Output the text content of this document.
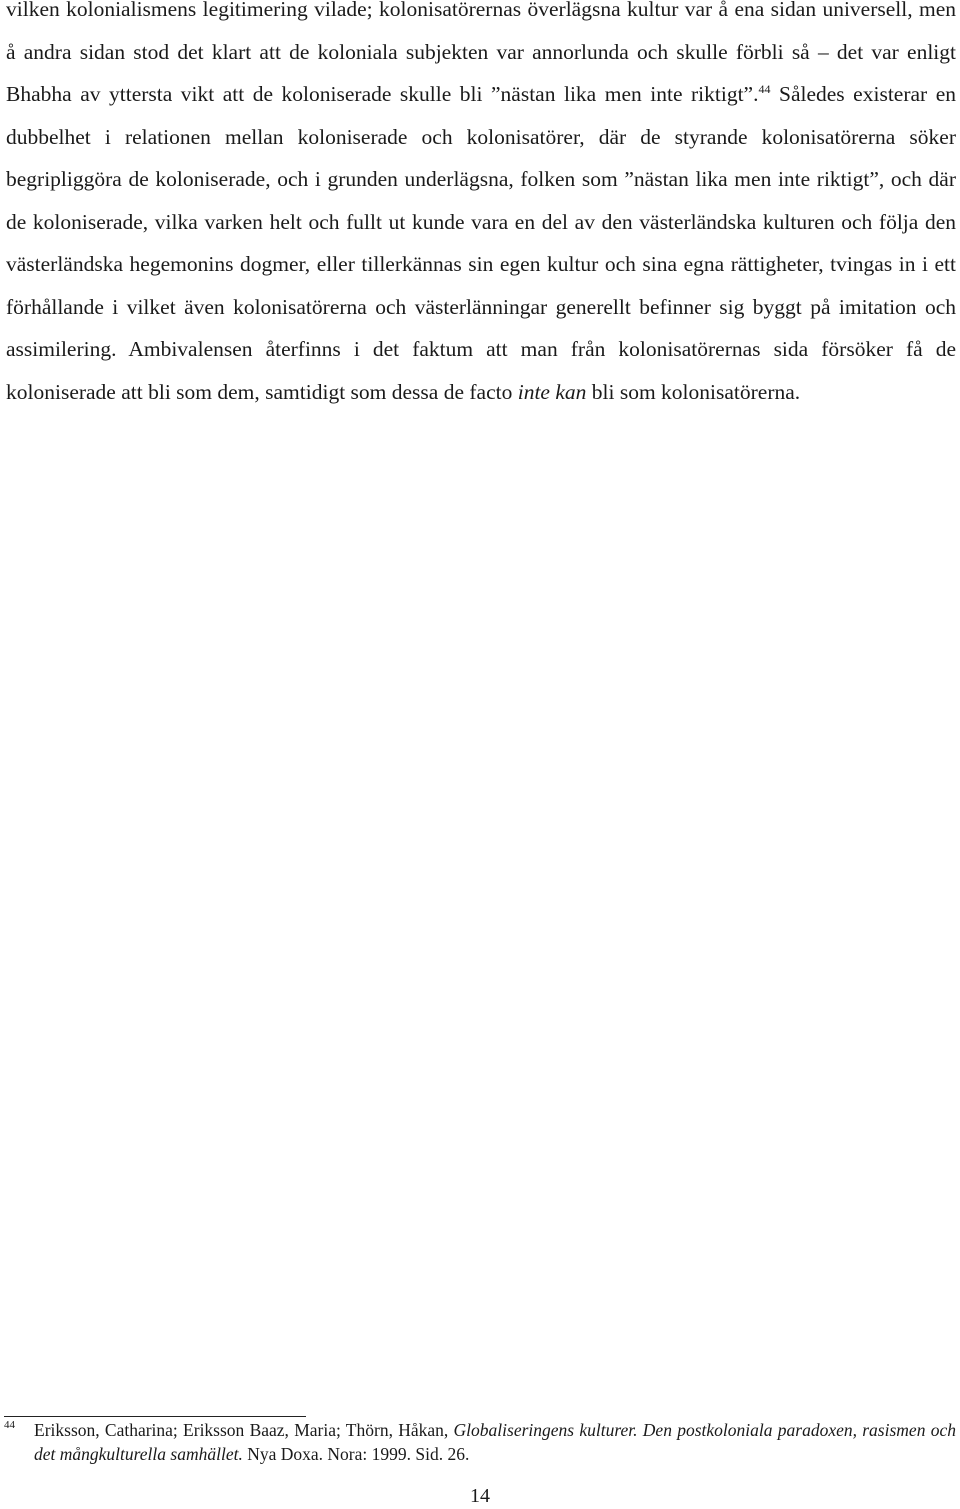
vilken kolonialismens legitimering vilade; kolonisatörernas överlägsna kultur var å ena sidan universell, men å andra sidan stod det klart att de koloniala subjekten var annorlunda och skulle förbli så – det var enligt Bhabha av yttersta vikt att de koloniserade skulle bli ”nästan lika men inte riktigt”.$^{44}$ Således existerar en dubbelhet i relationen mellan koloniserade och kolonisatörer, där de styrande kolonisatörerna söker begripliggöra de koloniserade, och i grunden underlägsna, folken som ”nästan lika men inte riktigt”, och där de koloniserade, vilka varken helt och fullt ut kunde vara en del av den västerländska kulturen och följa den västerländska hegemonins dogmer, eller tillerkännas sin egen kultur och sina egna rättigheter, tvingas in i ett förhållande i vilket även kolonisatörerna och västerlänningar generellt befinner sig byggt på imitation och assimilering. Ambivalensen återfinns i det faktum att man från kolonisatörernas sida försöker få de koloniserade att bli som dem, samtidigt som dessa de facto inte kan bli som kolonisatörerna.

44 Eriksson, Catharina; Eriksson Baaz, Maria; Thörn, Håkan, Globaliseringens kulturer. Den postkoloniala paradoxen, rasismen och det mångkulturella samhället. Nya Doxa. Nora: 1999. Sid. 26.
14
